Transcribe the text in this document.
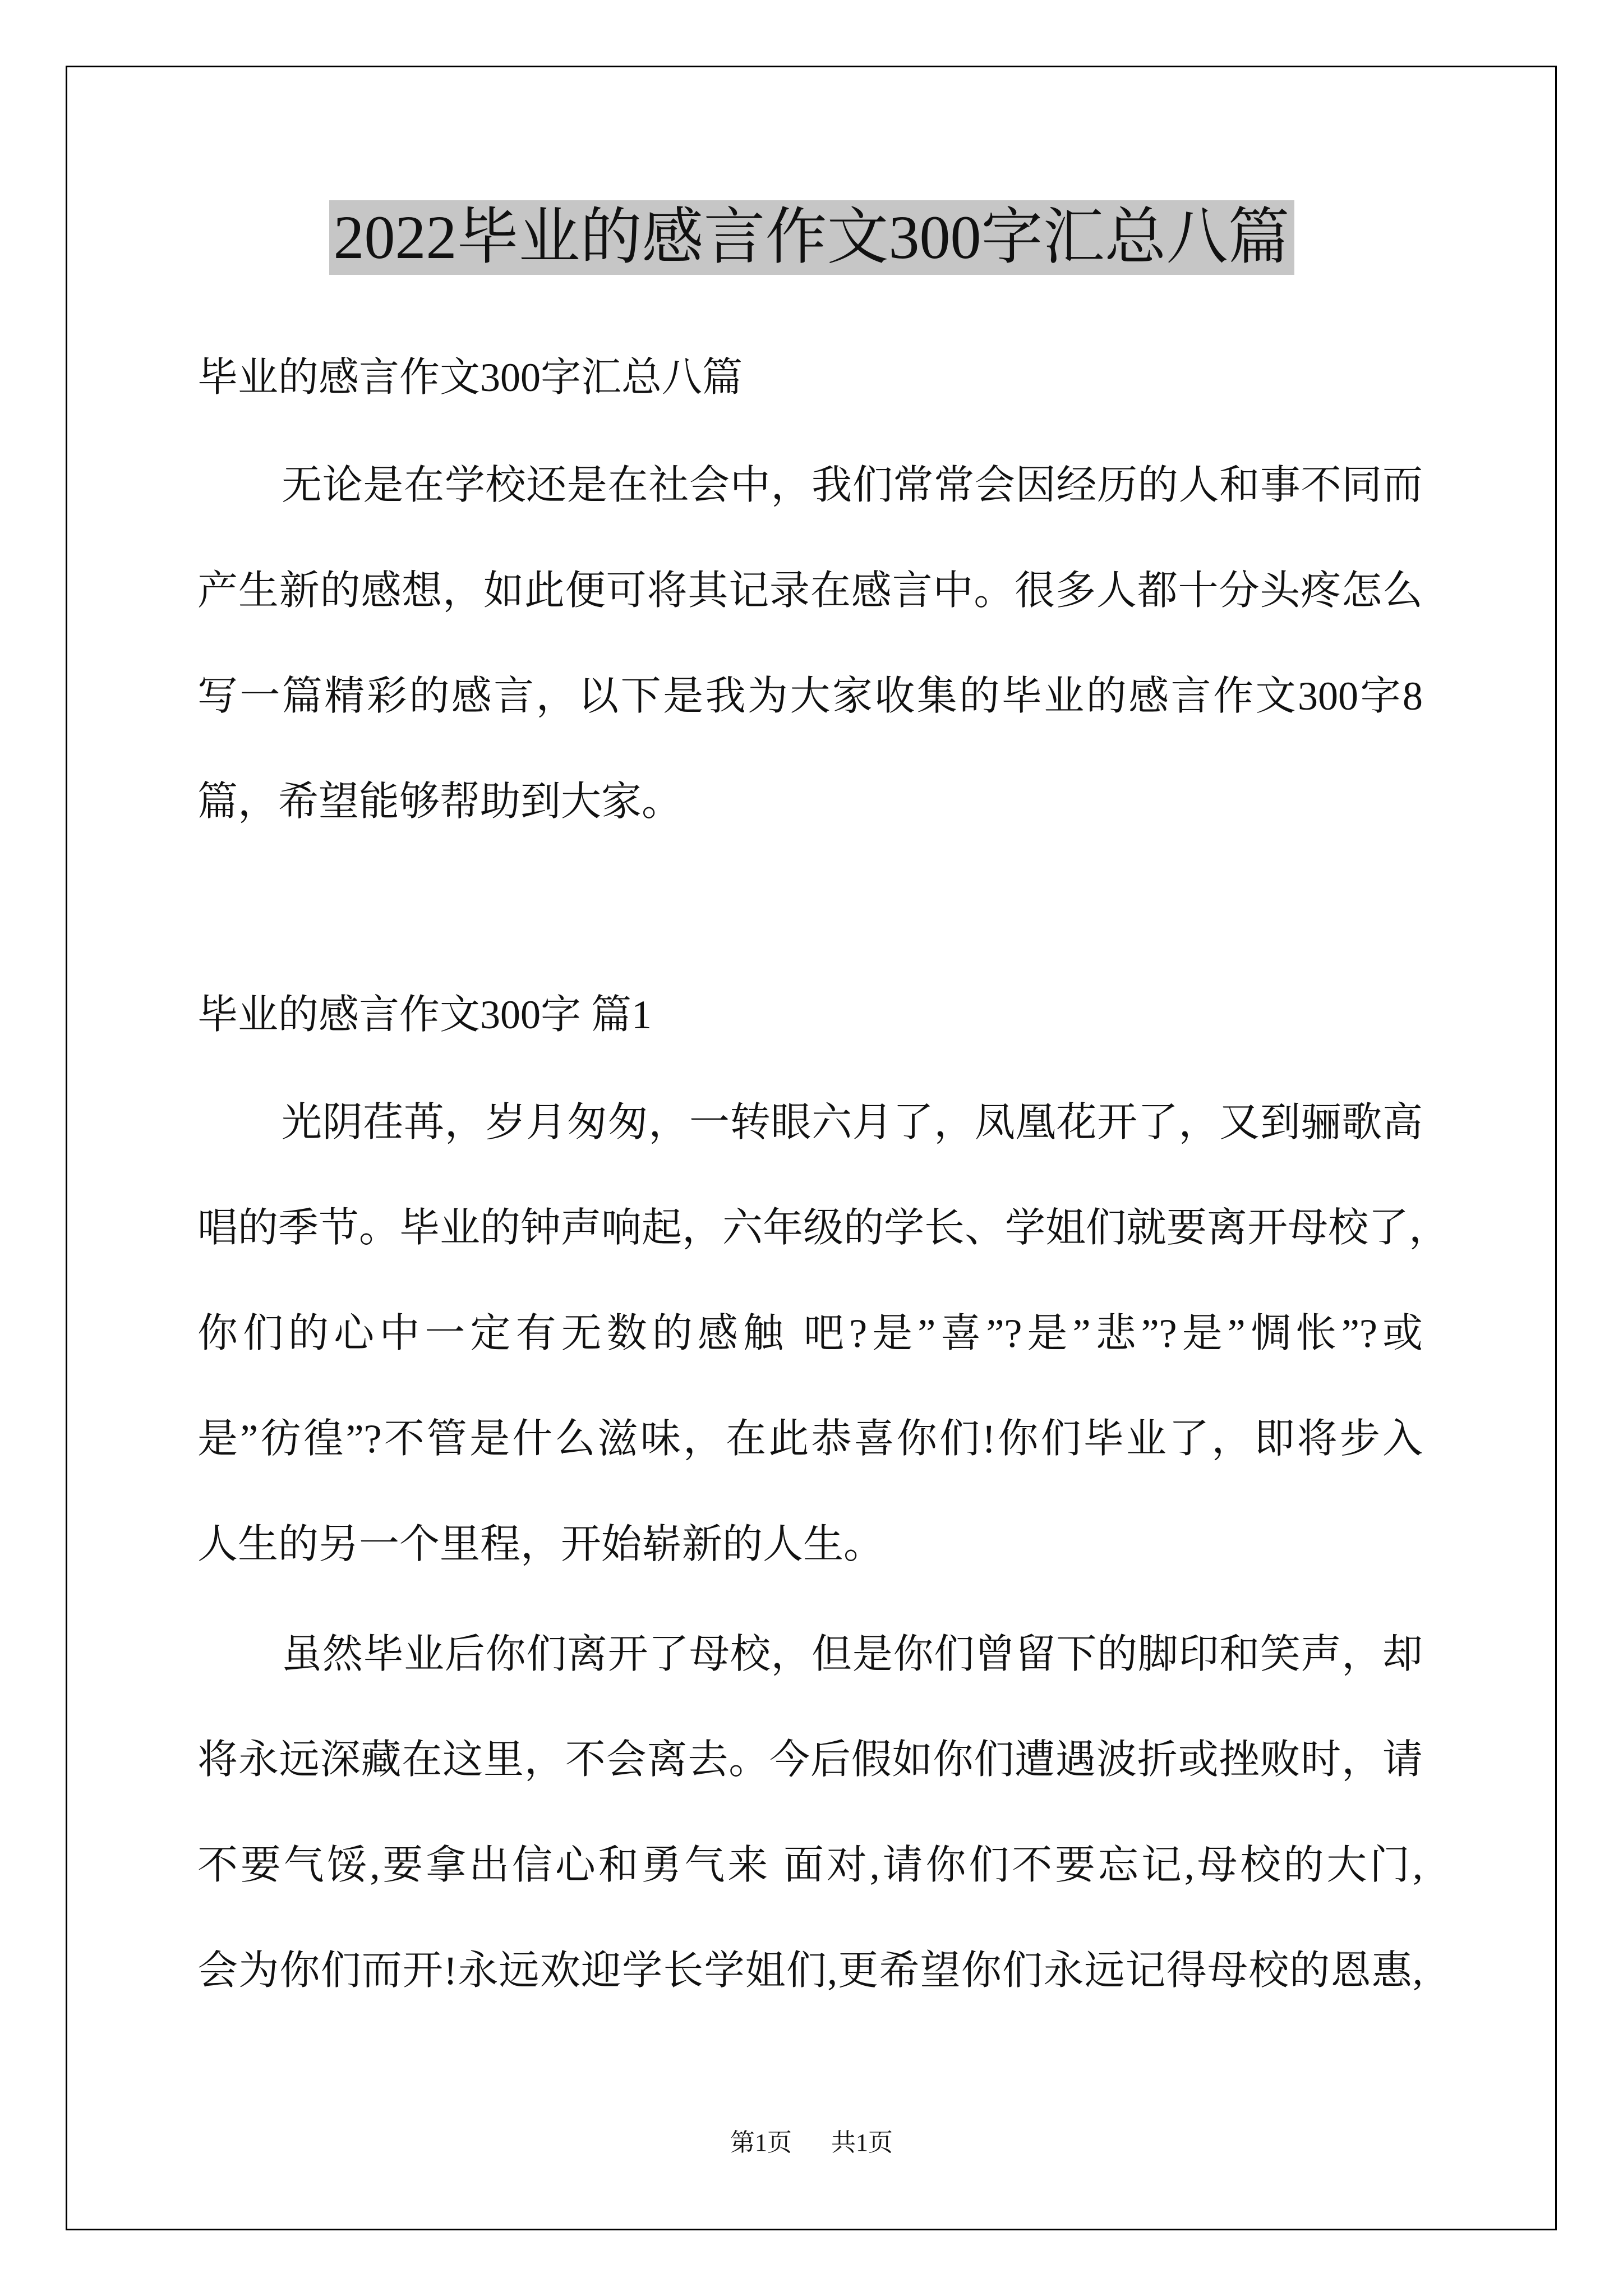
2022毕业的感言作文300字汇总八篇

毕业的感言作文300字汇总八篇

无论是在学校还是在社会中，我们常常会因经历的人和事不同而

产生新的感想，如此便可将其记录在感言中。很多人都十分头疼怎么

写一篇精彩的感言，以下是我为大家收集的毕业的感言作文300字8

篇，希望能够帮助到大家。

毕业的感言作文300字 篇1

光阴荏苒，岁月匆匆，一转眼六月了，凤凰花开了，又到骊歌高

唱的季节。毕业的钟声响起，六年级的学长、学姐们就要离开母校了，

你们的心中一定有无数的感触 吧?是”喜”?是”悲”?是”惆怅”?或

是”彷徨”?不管是什么滋味，在此恭喜你们!你们毕业了，即将步入

人生的另一个里程，开始崭新的人生。

虽然毕业后你们离开了母校，但是你们曾留下的脚印和笑声，却

将永远深藏在这里，不会离去。今后假如你们遭遇波折或挫败时，请

不要气馁,要拿出信心和勇气来 面对,请你们不要忘记,母校的大门,

会为你们而开!永远欢迎学长学姐们,更希望你们永远记得母校的恩惠,

第1页 共1页
